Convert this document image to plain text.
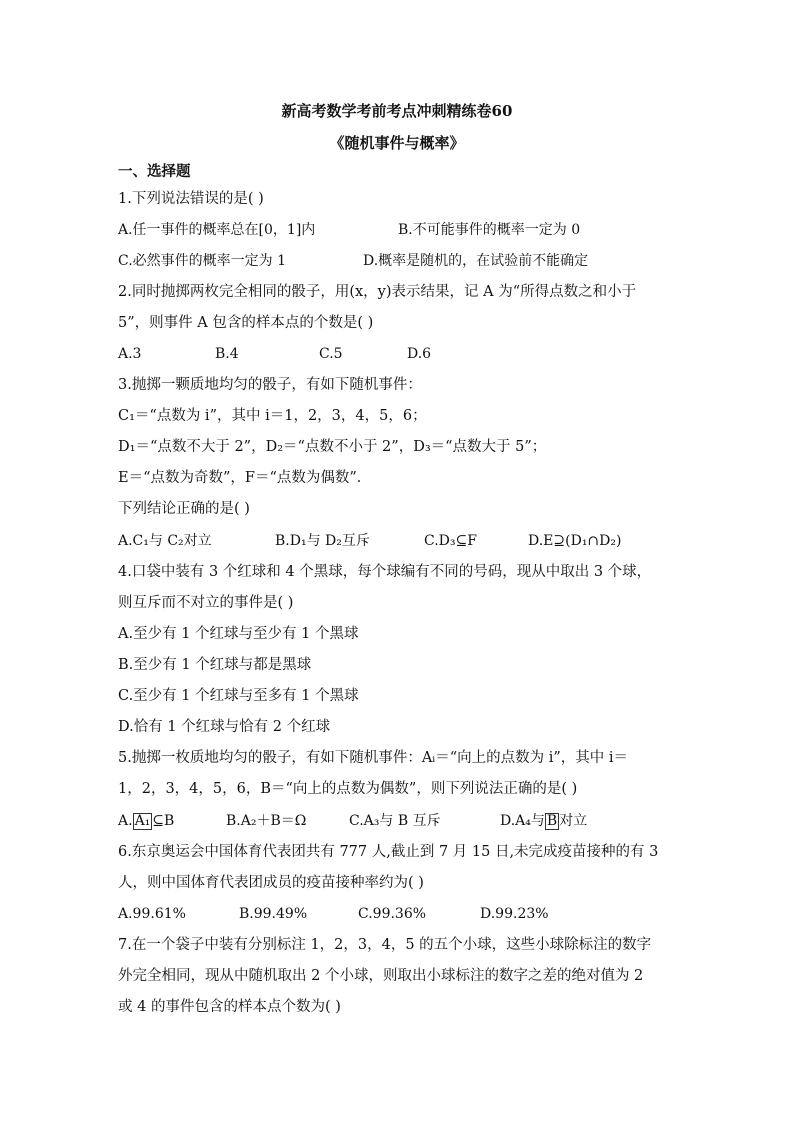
新高考数学考前考点冲刺精练卷60
《随机事件与概率》
一、选择题
1.下列说法错误的是( )
A.任一事件的概率总在[0，1]内	B.不可能事件的概率一定为 0
C.必然事件的概率一定为 1	D.概率是随机的，在试验前不能确定
2.同时抛掷两枚完全相同的骰子，用(x，y)表示结果，记 A 为“所得点数之和小于
5”，则事件 A 包含的样本点的个数是( )
A.3	B.4	C.5	D.6
3.抛掷一颗质地均匀的骰子，有如下随机事件：
C₁＝“点数为 i”，其中 i＝1，2，3，4，5，6；
D₁＝“点数不大于 2”，D₂＝“点数不小于 2”，D₃＝“点数大于 5”；
E＝“点数为奇数”，F＝“点数为偶数”．
下列结论正确的是( )
A.C₁与 C₂对立	B.D₁与 D₂互斥	C.D₃⊆F	D.E⊇(D₁∩D₂)
4.口袋中装有 3 个红球和 4 个黑球，每个球编有不同的号码，现从中取出 3 个球，
则互斥而不对立的事件是( )
A.至少有 1 个红球与至少有 1 个黑球
B.至少有 1 个红球与都是黑球
C.至少有 1 个红球与至多有 1 个黑球
D.恰有 1 个红球与恰有 2 个红球
5.抛掷一枚质地均匀的骰子，有如下随机事件：Aᵢ＝“向上的点数为 i”，其中 i＝
1，2，3，4，5，6，B＝“向上的点数为偶数”，则下列说法正确的是( )
A. A₁ ⊆B	B.A₂＋B＝Ω	C.A₃与 B 互斥	D.A₄与 B 对立
6.东京奥运会中国体育代表团共有 777 人,截止到 7 月 15 日,未完成疫苗接种的有 3
人，则中国体育代表团成员的疫苗接种率约为( )
A.99.61%	B.99.49%	C.99.36%	D.99.23%
7.在一个袋子中装有分别标注 1，2，3，4，5 的五个小球，这些小球除标注的数字
外完全相同，现从中随机取出 2 个小球，则取出小球标注的数字之差的绝对值为 2
或 4 的事件包含的样本点个数为( )
